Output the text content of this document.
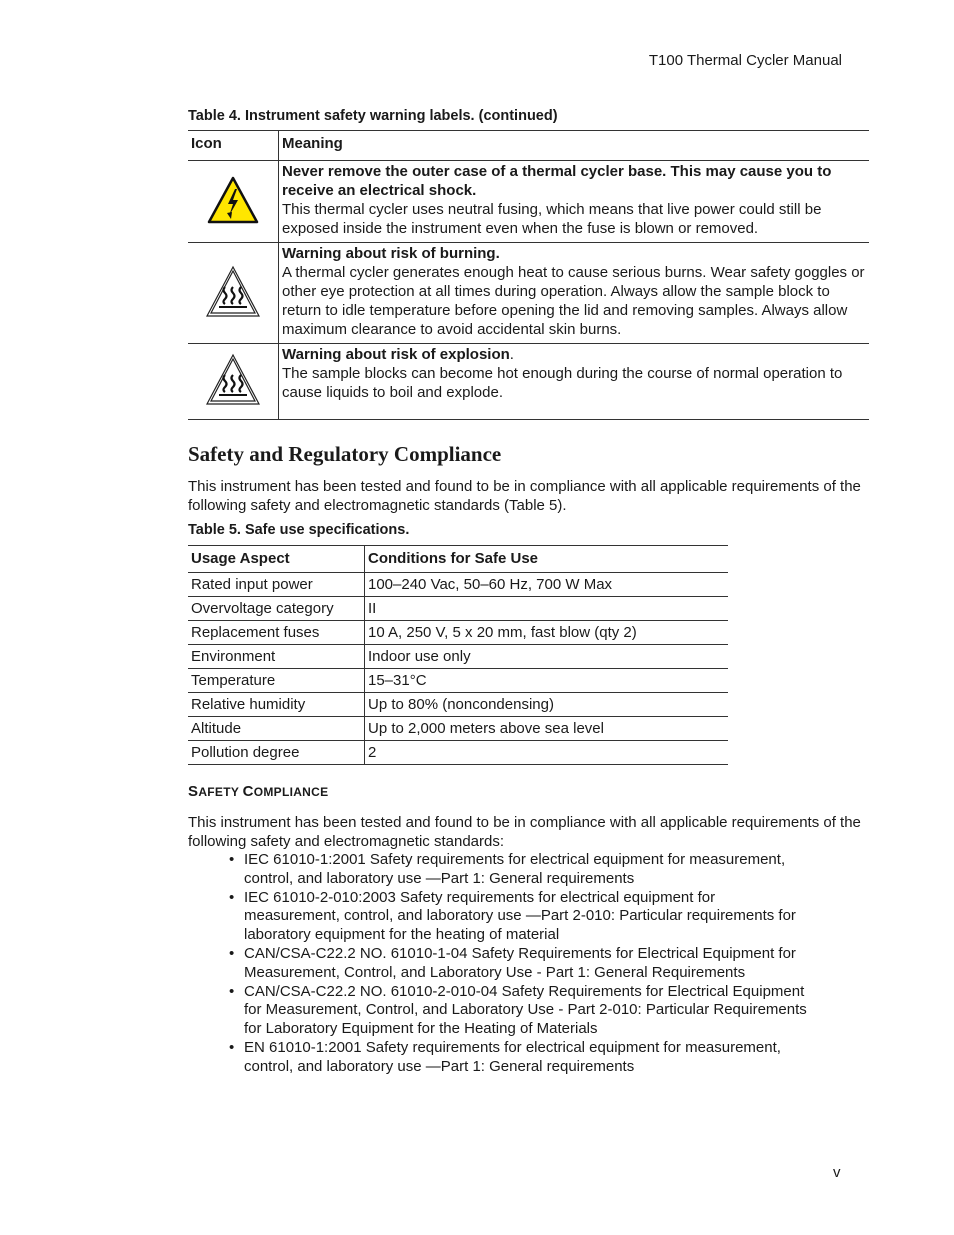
T100 Thermal Cycler Manual

Table 4. Instrument safety warning labels. (continued)

Icon	Meaning

Never remove the outer case of a thermal cycler base. This may cause you to receive an electrical shock.
This thermal cycler uses neutral fusing, which means that live power could still be exposed inside the instrument even when the fuse is blown or removed.

Warning about risk of burning.
A thermal cycler generates enough heat to cause serious burns. Wear safety goggles or other eye protection at all times during operation. Always allow the sample block to return to idle temperature before opening the lid and removing samples. Always allow maximum clearance to avoid accidental skin burns.

Warning about risk of explosion.
The sample blocks can become hot enough during the course of normal operation to cause liquids to boil and explode.
Safety and Regulatory Compliance

This instrument has been tested and found to be in compliance with all applicable requirements of the following safety and electromagnetic standards (Table 5).

Table 5. Safe use specifications.

Usage Aspect	Conditions for Safe Use
Rated input power	100–240 Vac, 50–60 Hz, 700 W Max
Overvoltage category	II
Replacement fuses	10 A, 250 V, 5 x 20 mm, fast blow (qty 2)
Environment	Indoor use only
Temperature	15–31°C
Relative humidity	Up to 80% (noncondensing)
Altitude	Up to 2,000 meters above sea level
Pollution degree	2
SAFETY COMPLIANCE

This instrument has been tested and found to be in compliance with all applicable requirements of the following safety and electromagnetic standards:

• IEC 61010-1:2001 Safety requirements for electrical equipment for measurement, control, and laboratory use —Part 1: General requirements
• IEC 61010-2-010:2003 Safety requirements for electrical equipment for measurement, control, and laboratory use —Part 2-010: Particular requirements for laboratory equipment for the heating of material
• CAN/CSA-C22.2 NO. 61010-1-04 Safety Requirements for Electrical Equipment for Measurement, Control, and Laboratory Use - Part 1: General Requirements
• CAN/CSA-C22.2 NO. 61010-2-010-04 Safety Requirements for Electrical Equipment for Measurement, Control, and Laboratory Use - Part 2-010: Particular Requirements for Laboratory Equipment for the Heating of Materials
• EN 61010-1:2001 Safety requirements for electrical equipment for measurement, control, and laboratory use —Part 1: General requirements
v
